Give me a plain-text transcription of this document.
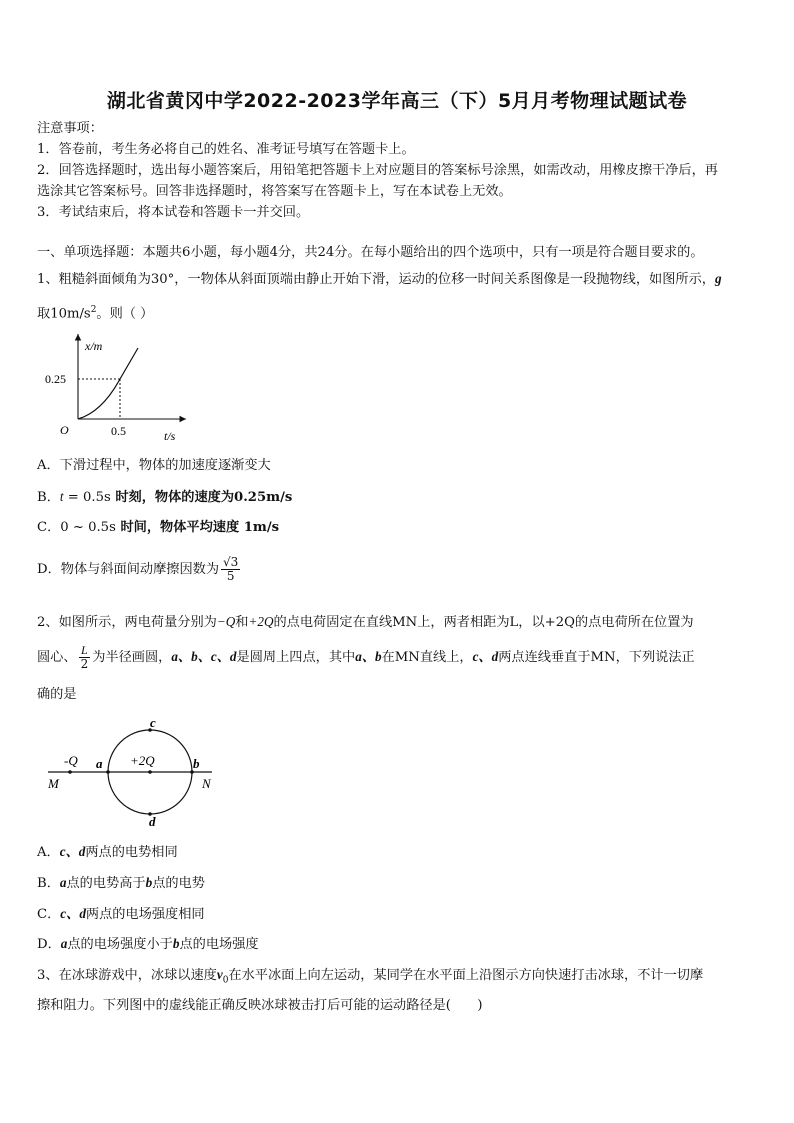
湖北省黄冈中学2022-2023学年高三（下）5月月考物理试题试卷
注意事项：
1．答卷前，考生务必将自己的姓名、准考证号填写在答题卡上。
2．回答选择题时，选出每小题答案后，用铅笔把答题卡上对应题目的答案标号涂黑，如需改动，用橡皮擦干净后，再
选涂其它答案标号。回答非选择题时，将答案写在答题卡上，写在本试卷上无效。
3．考试结束后，将本试卷和答题卡一并交回。
一、单项选择题：本题共6小题，每小题4分，共24分。在每小题给出的四个选项中，只有一项是符合题目要求的。
1、粗糙斜面倾角为30°，一物体从斜面顶端由静止开始下滑，运动的位移一时间关系图像是一段抛物线，如图所示，g
取$10m/s^2$。则（ ）
x/m
0.25
O	0.5	t/s
A．下滑过程中，物体的加速度逐渐变大
B．t = 0.5s 时刻，物体的速度为0.25m/s
C．0 ~ 0.5s 时间，物体平均速度 1m/s
D．物体与斜面间动摩擦因数为 $\frac{√3}{5}$
2、如图所示，两电荷量分别为−Q和+2Q的点电荷固定在直线MN上，两者相距为L，以+2Q的点电荷所在位置为
圆心、 $\frac{L}{2}$ 为半径画圆，a、b、c、d是圆周上四点，其中a、b在MN直线上，c、d两点连线垂直于MN，下列说法正
确的是
-Q	+2Q
a	b
c
d
M	N
A．c、d两点的电势相同
B．a点的电势高于b点的电势
C．c、d两点的电场强度相同
D．a点的电场强度小于b点的电场强度
3、在冰球游戏中，冰球以速度$v_0$在水平冰面上向左运动，某同学在水平面上沿图示方向快速打击冰球，不计一切摩
擦和阻力。下列图中的虚线能正确反映冰球被击打后可能的运动路径是(　　)
